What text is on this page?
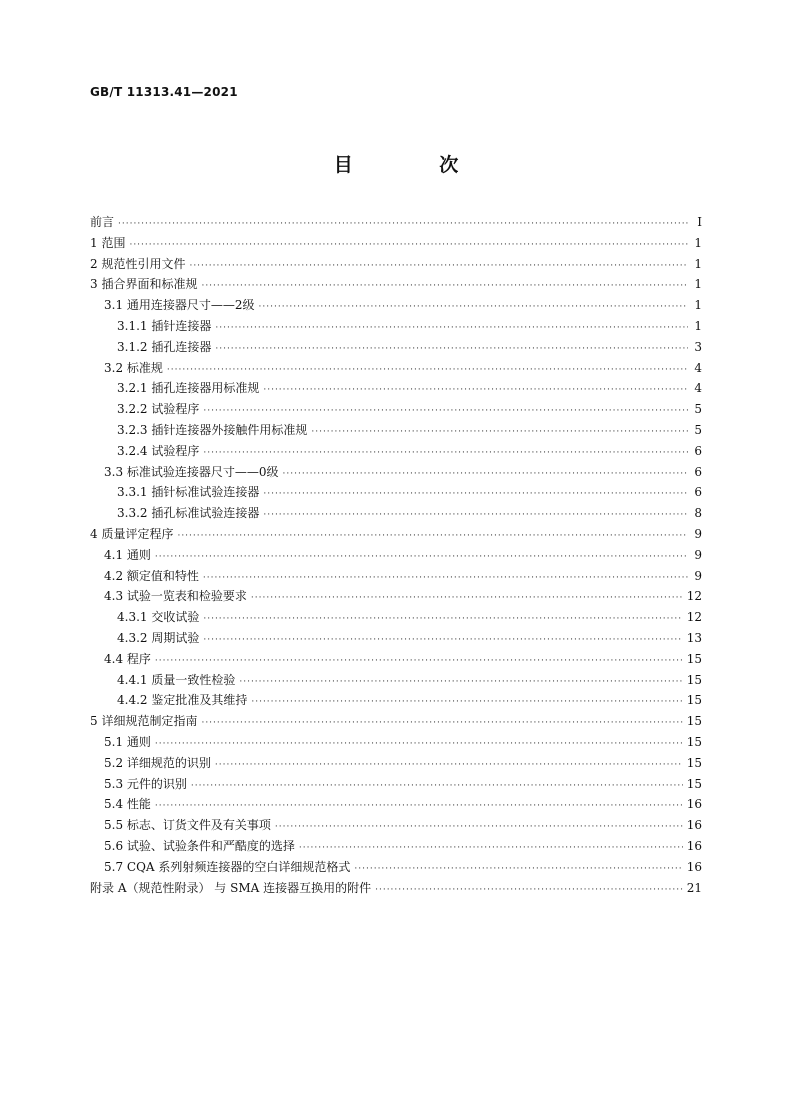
GB/T 11313.41—2021
目 次
前言 ·····	Ⅰ
1 范围 ·····	1
2 规范性引用文件 ·····	1
3 插合界面和标准规 ·····	1
3.1 通用连接器尺寸——2级 ·····	1
3.1.1 插针连接器 ·····	1
3.1.2 插孔连接器 ·····	3
3.2 标准规 ·····	4
3.2.1 插孔连接器用标准规 ·····	4
3.2.2 试验程序 ·····	5
3.2.3 插针连接器外接触件用标准规 ·····	5
3.2.4 试验程序 ·····	6
3.3 标准试验连接器尺寸——0级 ·····	6
3.3.1 插针标准试验连接器 ·····	6
3.3.2 插孔标准试验连接器 ·····	8
4 质量评定程序 ·····	9
4.1 通则 ·····	9
4.2 额定值和特性 ·····	9
4.3 试验一览表和检验要求 ·····	12
4.3.1 交收试验 ·····	12
4.3.2 周期试验 ·····	13
4.4 程序 ·····	15
4.4.1 质量一致性检验 ·····	15
4.4.2 鉴定批准及其维持 ·····	15
5 详细规范制定指南 ·····	15
5.1 通则 ·····	15
5.2 详细规范的识别 ·····	15
5.3 元件的识别 ·····	15
5.4 性能 ·····	16
5.5 标志、订货文件及有关事项 ·····	16
5.6 试验、试验条件和严酷度的选择 ·····	16
5.7 CQA 系列射频连接器的空白详细规范格式 ·····	16
附录 A（规范性附录） 与 SMA 连接器互换用的附件 ·····	21
